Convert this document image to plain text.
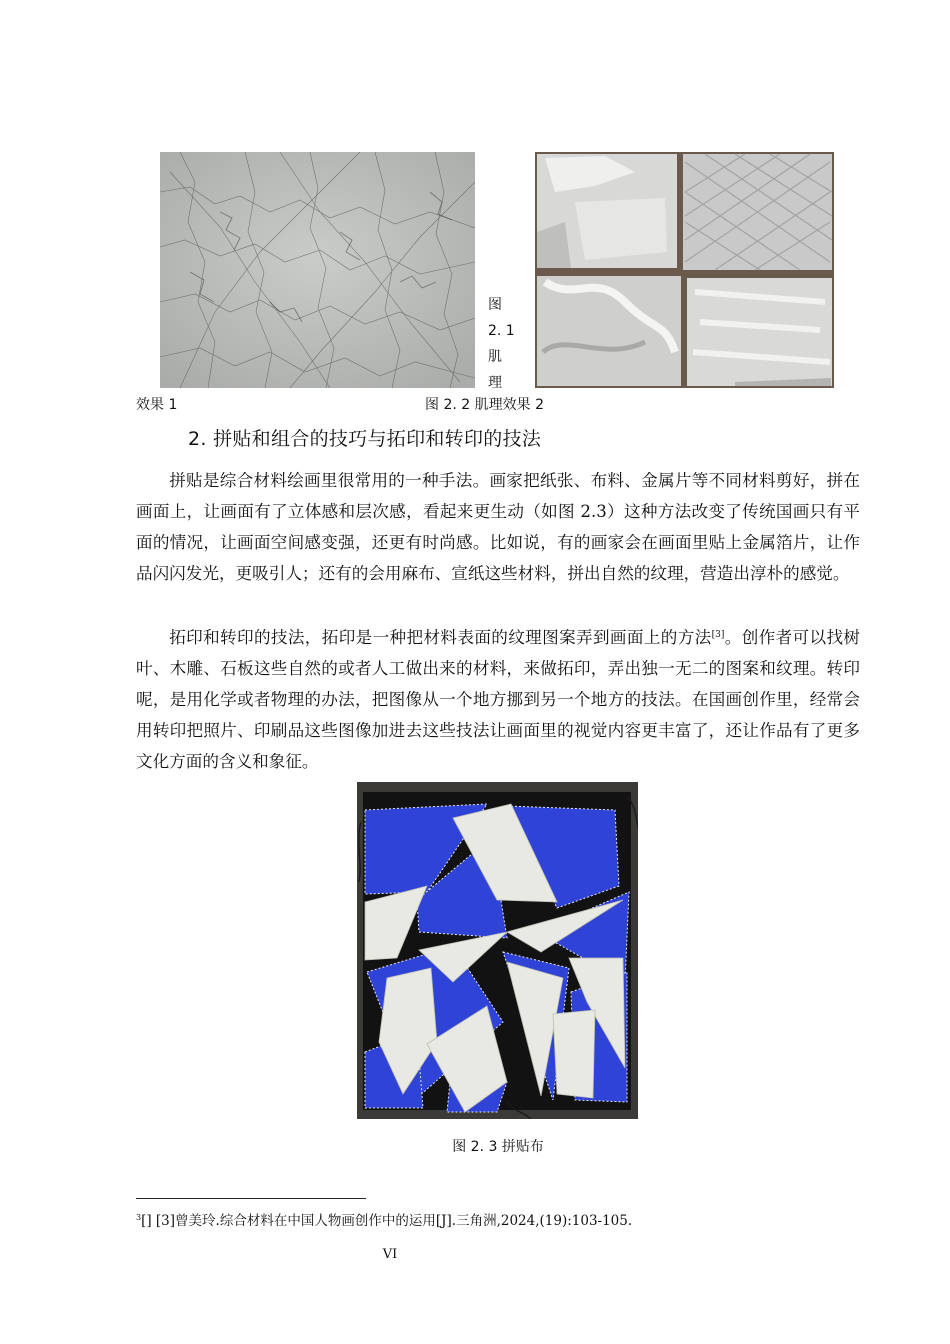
图
2. 1
肌
理
效果 1	图 2. 2 肌理效果 2
2. 拼贴和组合的技巧与拓印和转印的技法

拼贴是综合材料绘画里很常用的一种手法。画家把纸张、布料、金属片等不同材料剪好，拼在画面上，让画面有了立体感和层次感，看起来更生动（如图 2.3）这种方法改变了传统国画只有平面的情况，让画面空间感变强，还更有时尚感。比如说，有的画家会在画面里贴上金属箔片，让作品闪闪发光，更吸引人；还有的会用麻布、宣纸这些材料，拼出自然的纹理，营造出淳朴的感觉。

拓印和转印的技法，拓印是一种把材料表面的纹理图案弄到画面上的方法[3]。创作者可以找树叶、木雕、石板这些自然的或者人工做出来的材料，来做拓印，弄出独一无二的图案和纹理。转印呢，是用化学或者物理的办法，把图像从一个地方挪到另一个地方的技法。在国画创作里，经常会用转印把照片、印刷品这些图像加进去这些技法让画面里的视觉内容更丰富了，还让作品有了更多文化方面的含义和象征。

图 2. 3 拼贴布
$^3$[] [3]曾美玲.综合材料在中国人物画创作中的运用[J].三角洲,2024,(19):103-105.
VI
